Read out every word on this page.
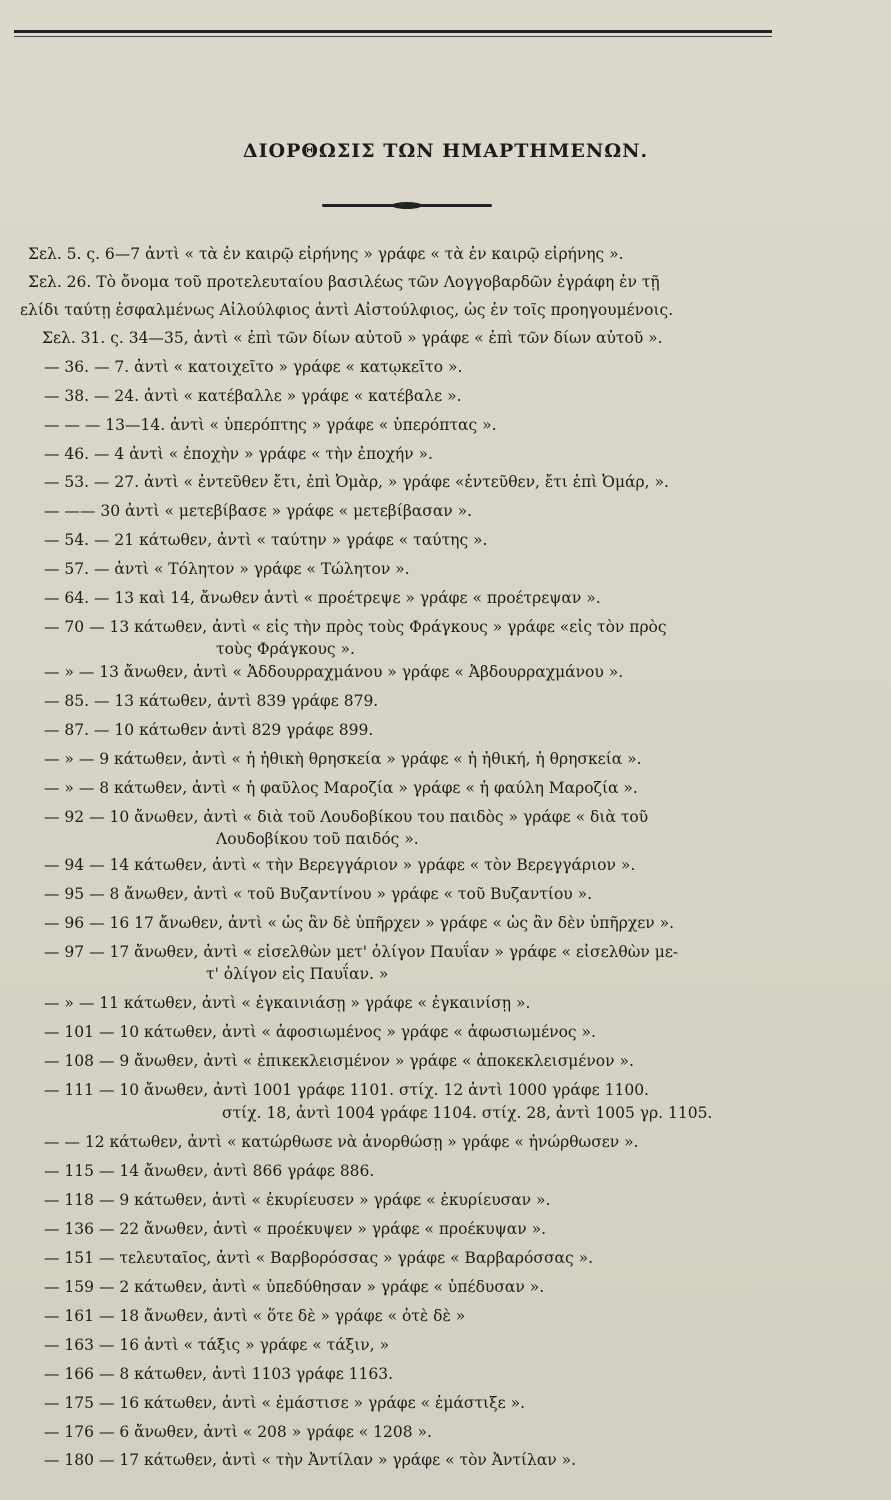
ΔΙΟΡΘΩΣΙΣ ΤΩΝ ΗΜΑΡΤΗΜΕΝΩΝ.
Σελ. 5. ς. 6—7 ἀντὶ « τὰ ἐν καιρῷ εἰρήνης » γράφε « τὰ ἐν καιρῷ εἰρήνης ».
Σελ. 26. Τὸ ὄνομα τοῦ προτελευταίου βασιλέως τῶν Λογγοβαρδῶν ἐγράφη ἐν τῇ
ελίδι ταύτῃ ἐσφαλμένως Αἰλούλφιος ἀντὶ Αἰστούλφιος, ὡς ἐν τοῖς προηγουμένοις.
Σελ. 31. ς. 34—35, ἀντὶ « ἐπὶ τῶν δίων αὐτοῦ » γράφε « ἐπὶ τῶν δίων αὐτοῦ ».
— 36. — 7. ἀντὶ « κατοιχεῖτο » γράφε « κατῳκεῖτο ».
— 38. — 24. ἀντὶ « κατέβαλλε » γράφε « κατέβαλε ».
— — — 13—14. ἀντὶ « ὑπερόπτης » γράφε « ὑπερόπτας ».
— 46. — 4 ἀντὶ « ἐποχὴν » γράφε « τὴν ἐποχήν ».
— 53. — 27. ἀντὶ « ἐντεῦθεν ἔτι, ἐπὶ Ὀμὰρ, » γράφε «ἐντεῦθεν, ἔτι ἐπὶ Ὀμάρ, ».
— —— 30 ἀντὶ « μετεβίβασε » γράφε « μετεβίβασαν ».
— 54. — 21 κάτωθεν, ἀντὶ « ταύτην » γράφε « ταύτης ».
— 57. — ἀντὶ « Τόλητον » γράφε « Τώλητον ».
— 64. — 13 καὶ 14, ἄνωθεν ἀντὶ « προέτρεψε » γράφε « προέτρεψαν ».
— 70 — 13 κάτωθεν, ἀντὶ « εἰς τὴν πρὸς τοὺς Φράγκους » γράφε «εἰς τὸν πρὸς
τοὺς Φράγκους ».
— » — 13 ἄνωθεν, ἀντὶ « Ἀδδουρραχμάνου » γράφε « Ἀβδουρραχμάνου ».
— 85. — 13 κάτωθεν, ἀντὶ 839 γράφε 879.
— 87. — 10 κάτωθεν ἀντὶ 829 γράφε 899.
— » — 9 κάτωθεν, ἀντὶ « ἡ ἠθικὴ θρησκεία » γράφε « ἡ ἠθική, ἡ θρησκεία ».
— » — 8 κάτωθεν, ἀντὶ « ἡ φαῦλος Μαροζία » γράφε « ἡ φαύλη Μαροζία ».
— 92 — 10 ἄνωθεν, ἀντὶ « διὰ τοῦ Λουδοβίκου του παιδὸς » γράφε « διὰ τοῦ
Λουδοβίκου τοῦ παιδός ».
— 94 — 14 κάτωθεν, ἀντὶ « τὴν Βερεγγάριον » γράφε « τὸν Βερεγγάριον ».
— 95 — 8 ἄνωθεν, ἀντὶ « τοῦ Βυζαντίνου » γράφε « τοῦ Βυζαντίου ».
— 96 — 16 17 ἄνωθεν, ἀντὶ « ὡς ἂν δὲ ὑπῆρχεν » γράφε « ὡς ἂν δὲν ὑπῆρχεν ».
— 97 — 17 ἄνωθεν, ἀντὶ « εἰσελθὼν μετ' ὀλίγον Παυΐαν » γράφε « εἰσελθὼν με-
τ' ὀλίγον εἰς Παυΐαν. »
— » — 11 κάτωθεν, ἀντὶ « ἐγκαινιάσῃ » γράφε « ἐγκαινίσῃ ».
— 101 — 10 κάτωθεν, ἀντὶ « ἀφοσιωμένος » γράφε « ἀφωσιωμένος ».
— 108 — 9 ἄνωθεν, ἀντὶ « ἐπικεκλεισμένον » γράφε « ἀποκεκλεισμένον ».
— 111 — 10 ἄνωθεν, ἀντὶ 1001 γράφε 1101. στίχ. 12 ἀντὶ 1000 γράφε 1100.
στίχ. 18, ἀντὶ 1004 γράφε 1104. στίχ. 28, ἀντὶ 1005 γρ. 1105.
— — 12 κάτωθεν, ἀντὶ « κατώρθωσε νὰ ἀνορθώσῃ » γράφε « ἠνώρθωσεν ».
— 115 — 14 ἄνωθεν, ἀντὶ 866 γράφε 886.
— 118 — 9 κάτωθεν, ἀντὶ « ἐκυρίευσεν » γράφε « ἐκυρίευσαν ».
— 136 — 22 ἄνωθεν, ἀντὶ « προέκυψεν » γράφε « προέκυψαν ».
— 151 — τελευταῖος, ἀντὶ « Βαρβορόσσας » γράφε « Βαρβαρόσσας ».
— 159 — 2 κάτωθεν, ἀντὶ « ὑπεδύθησαν » γράφε « ὑπέδυσαν ».
— 161 — 18 ἄνωθεν, ἀντὶ « ὅτε δὲ » γράφε « ὀτὲ δὲ »
— 163 — 16 ἀντὶ « τάξις » γράφε « τάξιν, »
— 166 — 8 κάτωθεν, ἀντὶ 1103 γράφε 1163.
— 175 — 16 κάτωθεν, ἀντὶ « ἐμάστισε » γράφε « ἐμάστιξε ».
— 176 — 6 ἄνωθεν, ἀντὶ « 208 » γράφε « 1208 ».
— 180 — 17 κάτωθεν, ἀντὶ « τὴν Ἀντίλαν » γράφε « τὸν Ἀντίλαν ».
